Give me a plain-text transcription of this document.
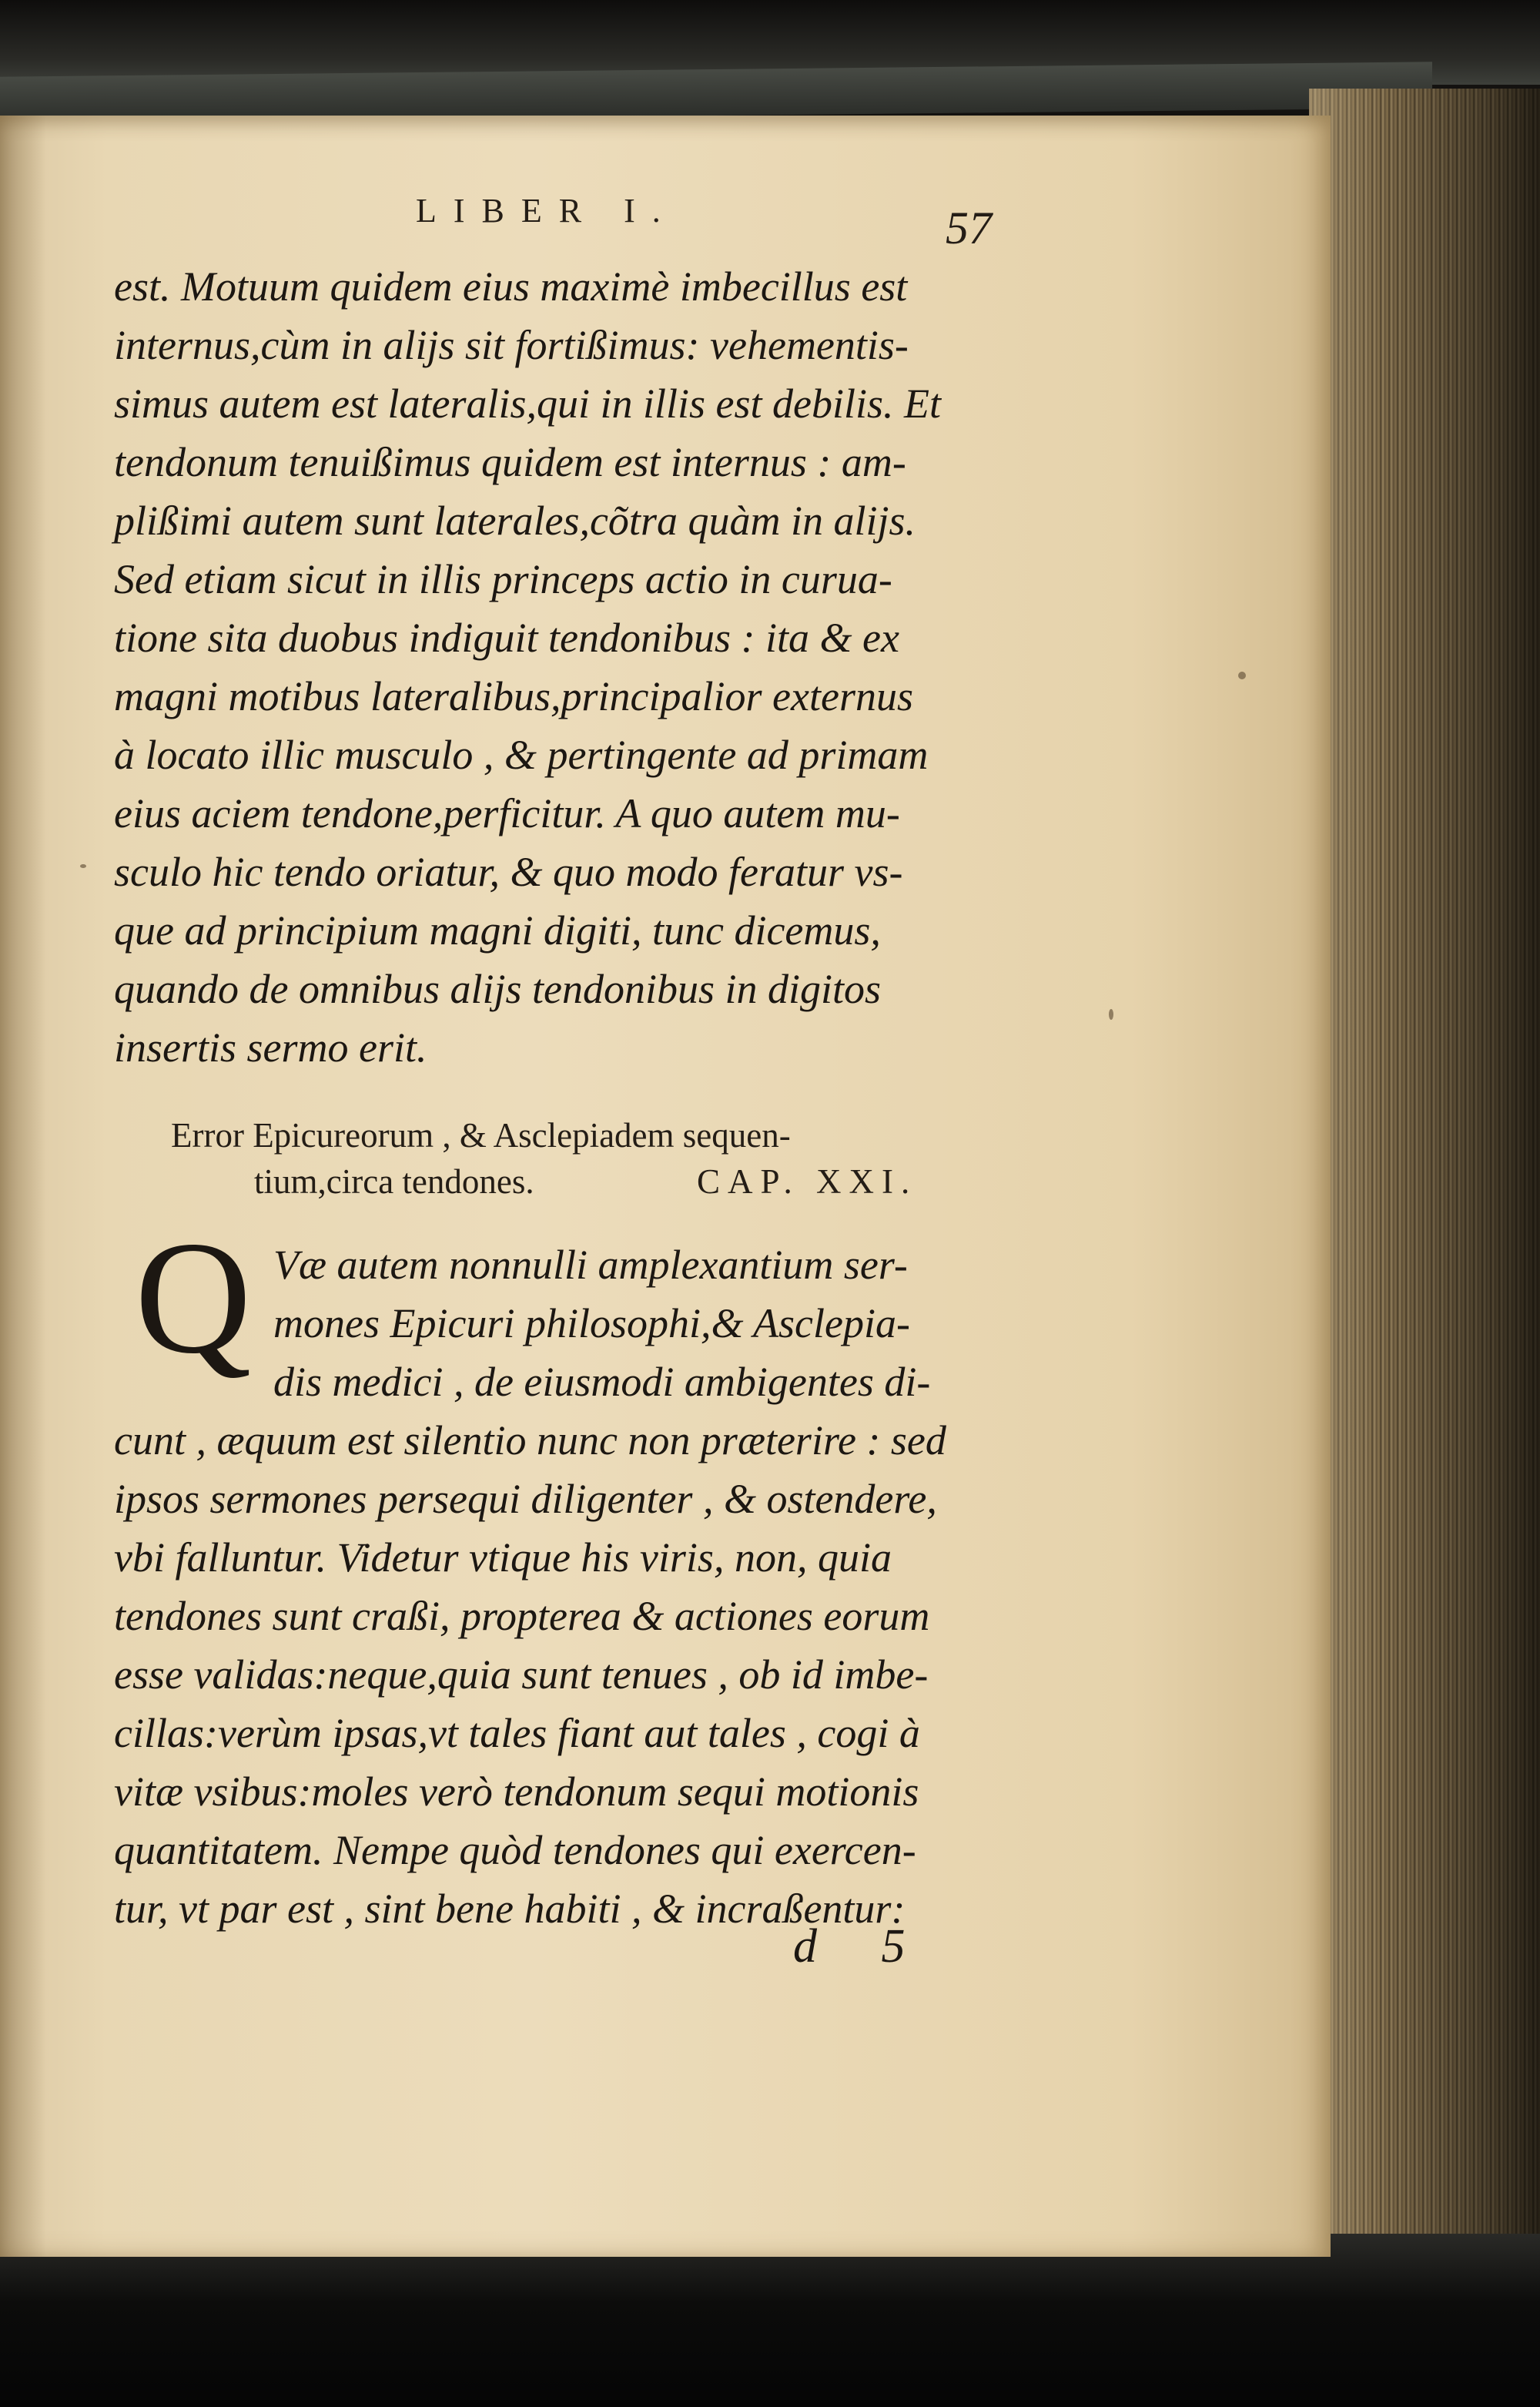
LIBER I.	57
est. Motuum quidem eius maximè imbecillus est
internus,cùm in alijs sit fortißimus: vehementis-
simus autem est lateralis,qui in illis est debilis. Et
tendonum tenuißimus quidem est internus : am-
plißimi autem sunt laterales,cõtra quàm in alijs.
Sed etiam sicut in illis princeps actio in curua-
tione sita duobus indiguit tendonibus : ita & ex
magni motibus lateralibus,principalior externus
à locato illic musculo , & pertingente ad primam
eius aciem tendone,perficitur. A quo autem mu-
sculo hic tendo oriatur, & quo modo feratur vs-
que ad principium magni digiti, tunc dicemus,
quando de omnibus alijs tendonibus in digitos
insertis sermo erit.
Error Epicureorum , & Asclepiadem sequen-
tium,circa tendones.	CAP. XXI.
Q Væ autem nonnulli amplexantium ser-
mones Epicuri philosophi,& Asclepia-
dis medici , de eiusmodi ambigentes di-
cunt , æquum est silentio nunc non præterire : sed
ipsos sermones persequi diligenter , & ostendere,
vbi falluntur. Videtur vtique his viris, non, quia
tendones sunt craßi, propterea & actiones eorum
esse validas:neque,quia sunt tenues , ob id imbe-
cillas:verùm ipsas,vt tales fiant aut tales , cogi à
vitæ vsibus:moles verò tendonum sequi motionis
quantitatem. Nempe quòd tendones qui exercen-
tur, vt par est , sint bene habiti , & incraßentur:
d 5
